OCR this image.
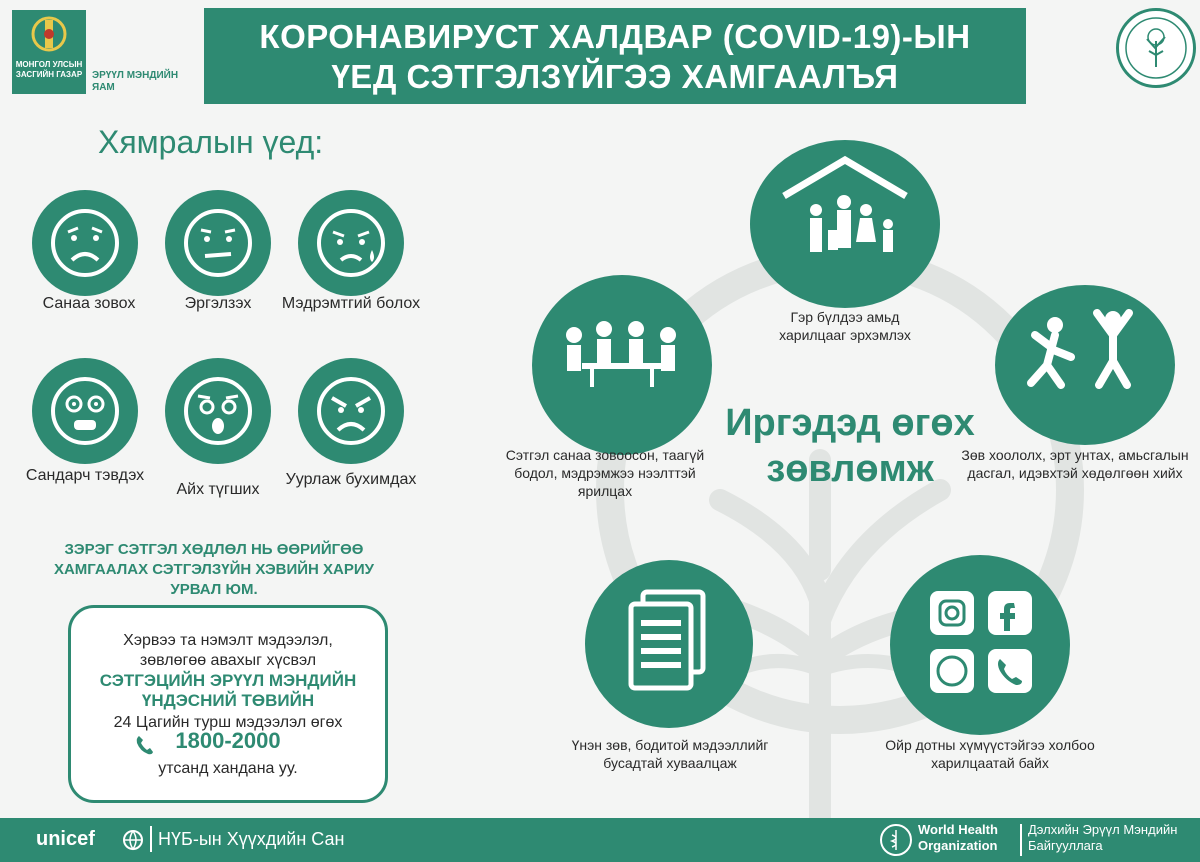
МОНГОЛ УЛСЫН ЗАСГИЙН ГАЗАР ЭРҮҮЛ МЭНДИЙН ЯАМ
КОРОНАВИРУСТ ХАЛДВАР (COVID-19)-ЫН
ҮЕД СЭТГЭЛЗҮЙГЭЭ ХАМГААЛЪЯ
Хямралын үед:
Санаа зовох	Эргэлзэх	Мэдрэмтгий болох
Сандарч тэвдэх
Айх түгших
Уурлаж бухимдах
ЗЭРЭГ СЭТГЭЛ ХӨДЛӨЛ НЬ ӨӨРИЙГӨӨ ХАМГААЛАХ СЭТГЭЛЗҮЙН ХЭВИЙН ХАРИУ УРВАЛ ЮМ.
Хэрвээ та нэмэлт мэдээлэл,
зөвлөгөө авахыг хүсвэл
СЭТГЭЦИЙН ЭРҮҮЛ МЭНДИЙН
ҮНДЭСНИЙ ТӨВИЙН
24 Цагийн турш мэдээлэл өгөх
1800-2000
утсанд хандана уу.
Гэр бүлдээ амьд харилцааг эрхэмлэх
Сэтгэл санаа зовоосон, таагүй бодол, мэдрэмжээ нээлттэй ярилцах
Зөв хоололх, эрт унтах, амьсгалын дасгал, идэвхтэй хөдөлгөөн хийх
Иргэдэд өгөх зөвлөмж
Үнэн зөв, бодитой мэдээллийг бусадтай хуваалцаж
Ойр дотны хүмүүстэйгээ холбоо харилцаатай байх
unicef	НҮБ-ын Хүүхдийн Сан	World Health Organization
Дэлхийн Эрүүл Мэндийн Байгууллага
